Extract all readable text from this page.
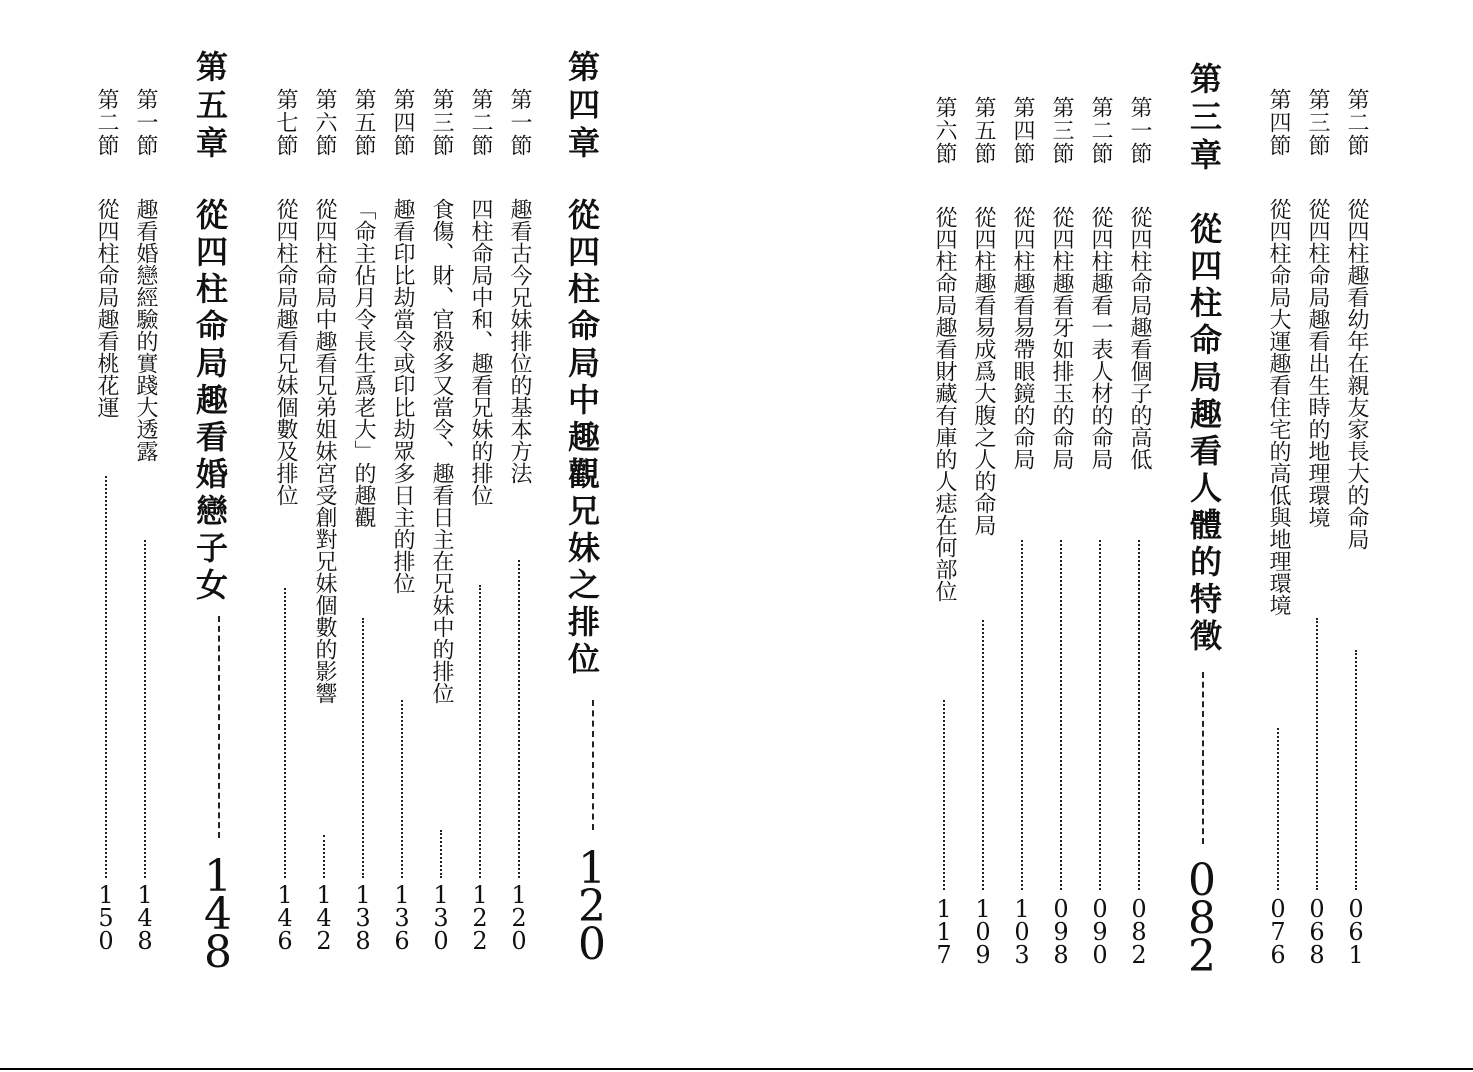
第四章
從四柱命局中趣觀兄妹之排位
1
2
0
第一節
趣看古今兄妹排位的基本方法
1
2
0
第二節
四柱命局中和、趣看兄妹的排位
1
2
2
第三節
食傷、財、官殺多又當令、趣看日主在兄妹中的排位
1
3
0
第四節
趣看印比劫當令或印比劫眾多日主的排位
1
3
6
第五節
「命主佔月令長生爲老大」的趣觀
1
3
8
第六節
從四柱命局中趣看兄弟姐妹宮受創對兄妹個數的影響
1
4
2
第七節
從四柱命局趣看兄妹個數及排位
1
4
6
第五章
從四柱命局趣看婚戀子女
1
4
8
第一節
趣看婚戀經驗的實踐大透露
1
4
8
第二節
從四柱命局趣看桃花運
1
5
0
第二節
從四柱趣看幼年在親友家長大的命局
0
6
1
第三節
從四柱命局趣看出生時的地理環境
0
6
8
第四節
從四柱命局大運趣看住宅的高低與地理環境
0
7
6
第三章
從四柱命局趣看人體的特徵
0
8
2
第一節
從四柱命局趣看個子的高低
0
8
2
第二節
從四柱趣看一表人材的命局
0
9
0
第三節
從四柱趣看牙如排玉的命局
0
9
8
第四節
從四柱趣看易帶眼鏡的命局
1
0
3
第五節
從四柱趣看易成爲大腹之人的命局
1
0
9
第六節
從四柱命局趣看財藏有庫的人痣在何部位
1
1
7
